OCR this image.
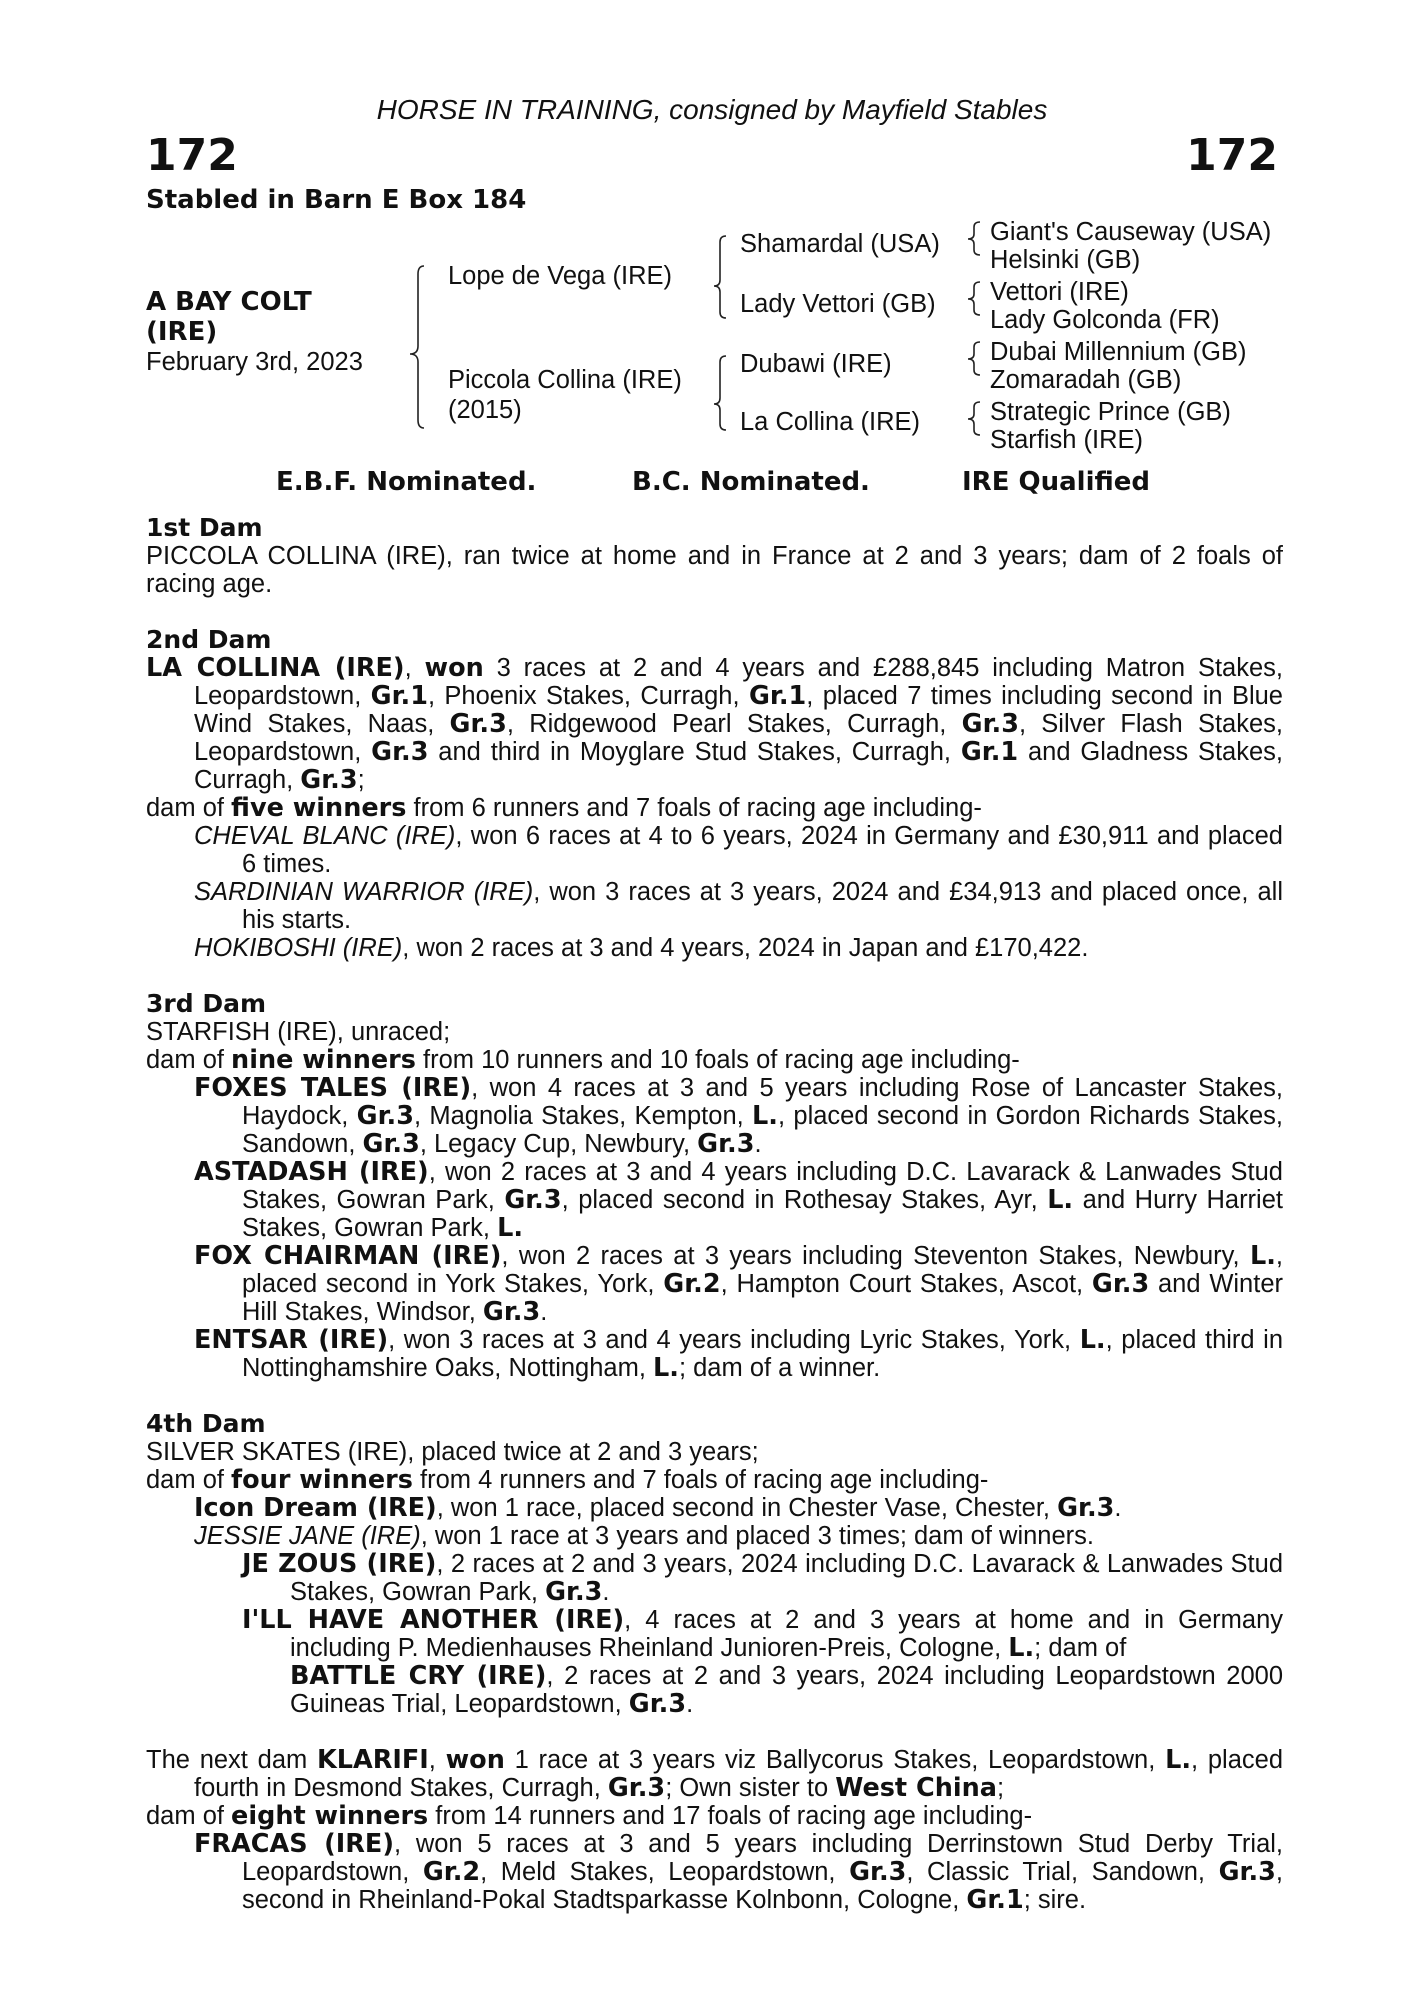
HORSE IN TRAINING, consigned by Mayfield Stables
172	172
Stabled in Barn E Box 184
A BAY COLT
(IRE)
February 3rd, 2023
Lope de Vega (IRE)
Piccola Collina (IRE)
(2015)
Shamardal (USA)
Lady Vettori (GB)
Dubawi (IRE)
La Collina (IRE)
Giant's Causeway (USA)
Helsinki (GB)
Vettori (IRE)
Lady Golconda (FR)
Dubai Millennium (GB)
Zomaradah (GB)
Strategic Prince (GB)
Starfish (IRE)
E.B.F. Nominated.	B.C. Nominated.	IRE Qualified
1st Dam
PICCOLA COLLINA (IRE), ran twice at home and in France at 2 and 3 years; dam of 2 foals of racing age.
2nd Dam
LA COLLINA (IRE), won 3 races at 2 and 4 years and £288,845 including Matron Stakes, Leopardstown, Gr.1, Phoenix Stakes, Curragh, Gr.1, placed 7 times including second in Blue Wind Stakes, Naas, Gr.3, Ridgewood Pearl Stakes, Curragh, Gr.3, Silver Flash Stakes, Leopardstown, Gr.3 and third in Moyglare Stud Stakes, Curragh, Gr.1 and Gladness Stakes, Curragh, Gr.3;
dam of five winners from 6 runners and 7 foals of racing age including-
CHEVAL BLANC (IRE), won 6 races at 4 to 6 years, 2024 in Germany and £30,911 and placed 6 times.
SARDINIAN WARRIOR (IRE), won 3 races at 3 years, 2024 and £34,913 and placed once, all his starts.
HOKIBOSHI (IRE), won 2 races at 3 and 4 years, 2024 in Japan and £170,422.
3rd Dam
STARFISH (IRE), unraced;
dam of nine winners from 10 runners and 10 foals of racing age including-
FOXES TALES (IRE), won 4 races at 3 and 5 years including Rose of Lancaster Stakes, Haydock, Gr.3, Magnolia Stakes, Kempton, L., placed second in Gordon Richards Stakes, Sandown, Gr.3, Legacy Cup, Newbury, Gr.3.
ASTADASH (IRE), won 2 races at 3 and 4 years including D.C. Lavarack & Lanwades Stud Stakes, Gowran Park, Gr.3, placed second in Rothesay Stakes, Ayr, L. and Hurry Harriet Stakes, Gowran Park, L.
FOX CHAIRMAN (IRE), won 2 races at 3 years including Steventon Stakes, Newbury, L., placed second in York Stakes, York, Gr.2, Hampton Court Stakes, Ascot, Gr.3 and Winter Hill Stakes, Windsor, Gr.3.
ENTSAR (IRE), won 3 races at 3 and 4 years including Lyric Stakes, York, L., placed third in Nottinghamshire Oaks, Nottingham, L.; dam of a winner.
4th Dam
SILVER SKATES (IRE), placed twice at 2 and 3 years;
dam of four winners from 4 runners and 7 foals of racing age including-
Icon Dream (IRE), won 1 race, placed second in Chester Vase, Chester, Gr.3.
JESSIE JANE (IRE), won 1 race at 3 years and placed 3 times; dam of winners.
JE ZOUS (IRE), 2 races at 2 and 3 years, 2024 including D.C. Lavarack & Lanwades Stud Stakes, Gowran Park, Gr.3.
I'LL HAVE ANOTHER (IRE), 4 races at 2 and 3 years at home and in Germany including P. Medienhauses Rheinland Junioren-Preis, Cologne, L.; dam of
BATTLE CRY (IRE), 2 races at 2 and 3 years, 2024 including Leopardstown 2000 Guineas Trial, Leopardstown, Gr.3.
The next dam KLARIFI, won 1 race at 3 years viz Ballycorus Stakes, Leopardstown, L., placed fourth in Desmond Stakes, Curragh, Gr.3; Own sister to West China;
dam of eight winners from 14 runners and 17 foals of racing age including-
FRACAS (IRE), won 5 races at 3 and 5 years including Derrinstown Stud Derby Trial, Leopardstown, Gr.2, Meld Stakes, Leopardstown, Gr.3, Classic Trial, Sandown, Gr.3, second in Rheinland-Pokal Stadtsparkasse Kolnbonn, Cologne, Gr.1; sire.
